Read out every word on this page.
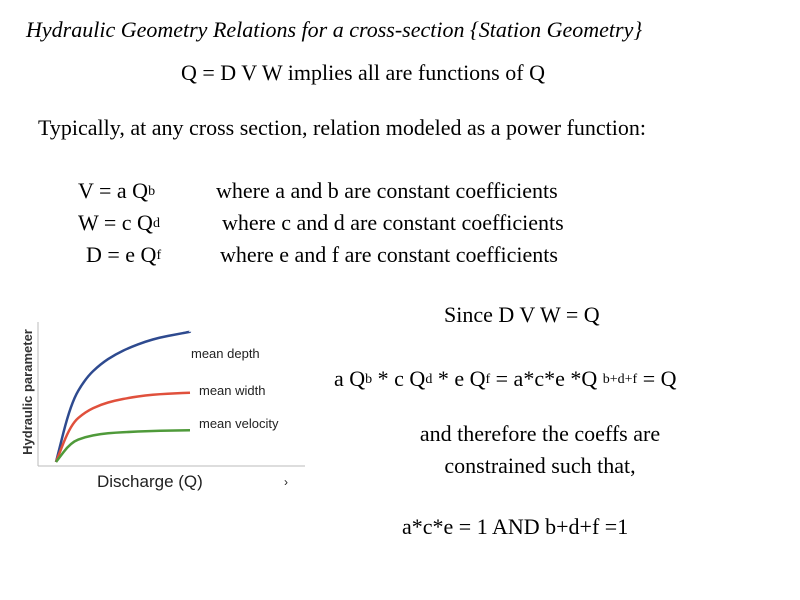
Hydraulic Geometry Relations for a cross-section {Station Geometry}
Q = D V W implies all are functions of Q
Typically, at any cross section, relation modeled as a power function:
V = a $Q^b$	where a and b are constant coefficients
W = c $Q^d$	where c and d are constant coefficients
D = e $Q^f$	where e and f are constant coefficients
Since D V W = Q
a $Q^b$ * c $Q^d$ * e $Q^f = a*c*e$ *Q $^{b+d+f}$ = Q
and therefore the coeffs are constrained such that,
a*c*e = 1 AND b+d+f =1
mean depth
mean width
mean velocity
Hydraulic parameter
Discharge (Q)	›
